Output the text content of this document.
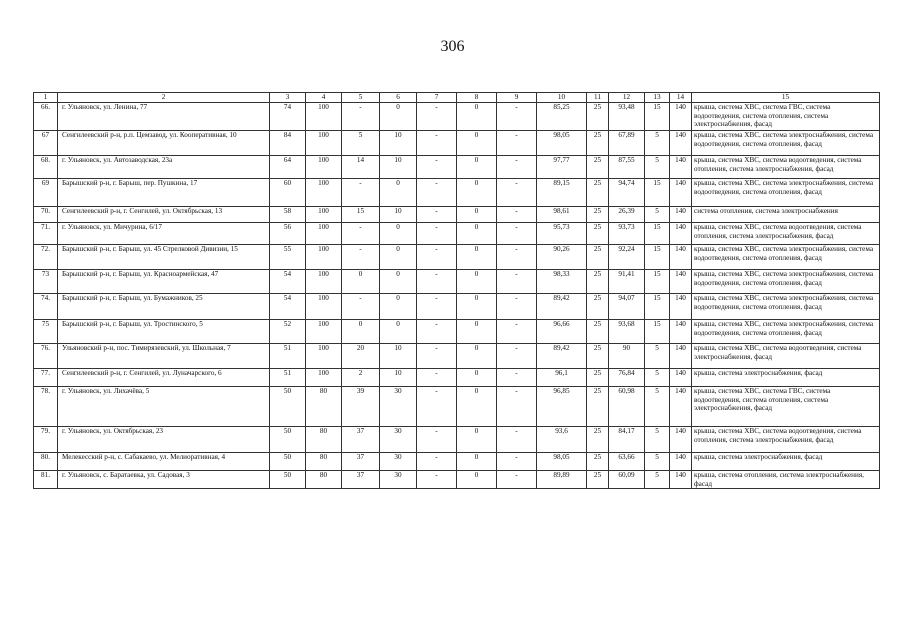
306
1	2	3	4	5	6	7	8	9	10	11	12	13	14	15
66.	г. Ульяновск, ул. Ленина, 77	74	100	-	0	-	0	-	85,25	25	93,48	15	140	крыша, система ХВС, система ГВС, система водоотведения, система отопления, система электроснабжения, фасад
67	Сенгилеевский р-н, р.п. Цемзавод, ул. Кооперативная, 10	84	100	5	10	-	0	-	98,05	25	67,89	5	140	крыша, система ХВС, система электроснабжения, система водоотведения, система отопления, фасад
68.	г. Ульяновск, ул. Автозаводская, 23а	64	100	14	10	-	0	-	97,77	25	87,55	5	140	крыша, система ХВС, система водоотведения, система отопления, система электроснабжения, фасад
69	Барышский р-н, г. Барыш, пер. Пушкина, 17	60	100	-	0	-	0	-	89,15	25	94,74	15	140	крыша, система ХВС, система электроснабжения, система водоотведения, система отопления, фасад
70.	Сенгилеевский р-н, г. Сенгилей, ул. Октябрьская, 13	58	100	15	10	-	0	-	98,61	25	26,39	5	140	система отопления, система электроснабжения
71.	г. Ульяновск, ул. Мичурина, 6/17	56	100	-	0	-	0	-	95,73	25	93,73	15	140	крыша, система ХВС, система водоотведения, система отопления, система электроснабжения, фасад
72.	Барышский р-н, г. Барыш, ул. 45 Стрелковой Дивизии, 15	55	100	-	0	-	0	-	90,26	25	92,24	15	140	крыша, система ХВС, система электроснабжения, система водоотведения, система отопления, фасад
73	Барышский р-н, г. Барыш, ул. Красноармейская, 47	54	100	0	0	-	0	-	98,33	25	91,41	15	140	крыша, система ХВС, система электроснабжения, система водоотведения, система отопления, фасад
74.	Барышский р-н, г. Барыш, ул. Бумажников, 25	54	100	-	0	-	0	-	89,42	25	94,07	15	140	крыша, система ХВС, система электроснабжения, система водоотведения, система отопления, фасад
75	Барышский р-н, г. Барыш, ул. Тростинского, 5	52	100	0	0	-	0	-	96,66	25	93,68	15	140	крыша, система ХВС, система электроснабжения, система водоотведения, система отопления, фасад
76.	Ульяновский р-н, пос. Тимирязевский, ул. Школьная, 7	51	100	20	10	-	0	-	89,42	25	90	5	140	крыша, система ХВС, система водоотведения, система электроснабжения, фасад
77.	Сенгилеевский р-н, г. Сенгилей, ул. Луначарского, 6	51	100	2	10	-	0	-	96,1	25	76,84	5	140	крыша, система электроснабжения, фасад
78.	г. Ульяновск, ул. Лихачёва, 5	50	80	39	30	-	0	-	96,85	25	60,98	5	140	крыша, система ХВС, система ГВС, система водоотведения, система отопления, система электроснабжения, фасад
79.	г. Ульяновск, ул. Октябрьская, 23	50	80	37	30	-	0	-	93,6	25	84,17	5	140	крыша, система ХВС, система водоотведения, система отопления, система электроснабжения, фасад
80.	Мелекесский р-н, с. Сабакаево, ул. Мелиоративная, 4	50	80	37	30	-	0	-	98,05	25	63,66	5	140	крыша, система электроснабжения, фасад
81.	г. Ульяновск, с. Баратаевка, ул. Садовая, 3	50	80	37	30	-	0	-	89,89	25	60,09	5	140	крыша, система отопления, система электроснабжения, фасад
